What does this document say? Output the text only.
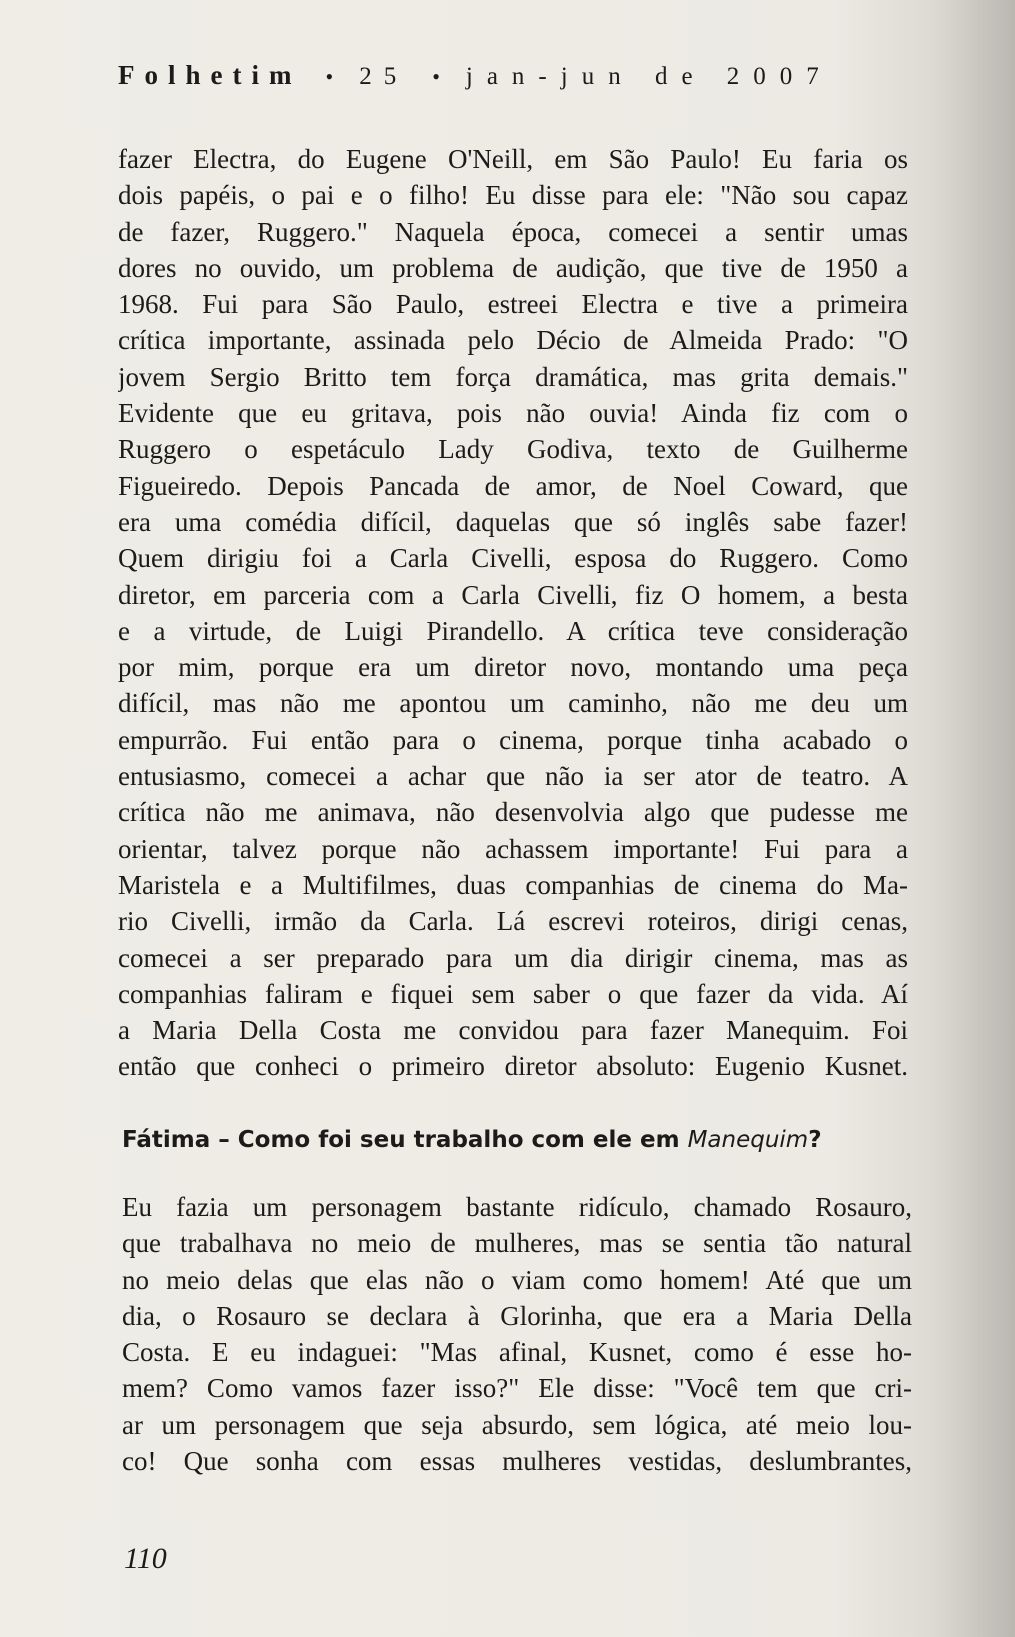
Folhetim • 25 • jan-jun de 2007
fazer Electra, do Eugene O'Neill, em São Paulo! Eu faria os
dois papéis, o pai e o filho! Eu disse para ele: "Não sou capaz
de fazer, Ruggero." Naquela época, comecei a sentir umas
dores no ouvido, um problema de audição, que tive de 1950 a
1968. Fui para São Paulo, estreei Electra e tive a primeira
crítica importante, assinada pelo Décio de Almeida Prado: "O
jovem Sergio Britto tem força dramática, mas grita demais."
Evidente que eu gritava, pois não ouvia! Ainda fiz com o
Ruggero o espetáculo Lady Godiva, texto de Guilherme
Figueiredo. Depois Pancada de amor, de Noel Coward, que
era uma comédia difícil, daquelas que só inglês sabe fazer!
Quem dirigiu foi a Carla Civelli, esposa do Ruggero. Como
diretor, em parceria com a Carla Civelli, fiz O homem, a besta
e a virtude, de Luigi Pirandello. A crítica teve consideração
por mim, porque era um diretor novo, montando uma peça
difícil, mas não me apontou um caminho, não me deu um
empurrão. Fui então para o cinema, porque tinha acabado o
entusiasmo, comecei a achar que não ia ser ator de teatro. A
crítica não me animava, não desenvolvia algo que pudesse me
orientar, talvez porque não achassem importante! Fui para a
Maristela e a Multifilmes, duas companhias de cinema do Ma-
rio Civelli, irmão da Carla. Lá escrevi roteiros, dirigi cenas,
comecei a ser preparado para um dia dirigir cinema, mas as
companhias faliram e fiquei sem saber o que fazer da vida. Aí
a Maria Della Costa me convidou para fazer Manequim. Foi
então que conheci o primeiro diretor absoluto: Eugenio Kusnet.
Fátima – Como foi seu trabalho com ele em Manequim?
Eu fazia um personagem bastante ridículo, chamado Rosauro,
que trabalhava no meio de mulheres, mas se sentia tão natural
no meio delas que elas não o viam como homem! Até que um
dia, o Rosauro se declara à Glorinha, que era a Maria Della
Costa. E eu indaguei: "Mas afinal, Kusnet, como é esse ho-
mem? Como vamos fazer isso?" Ele disse: "Você tem que cri-
ar um personagem que seja absurdo, sem lógica, até meio lou-
co! Que sonha com essas mulheres vestidas, deslumbrantes,
110
